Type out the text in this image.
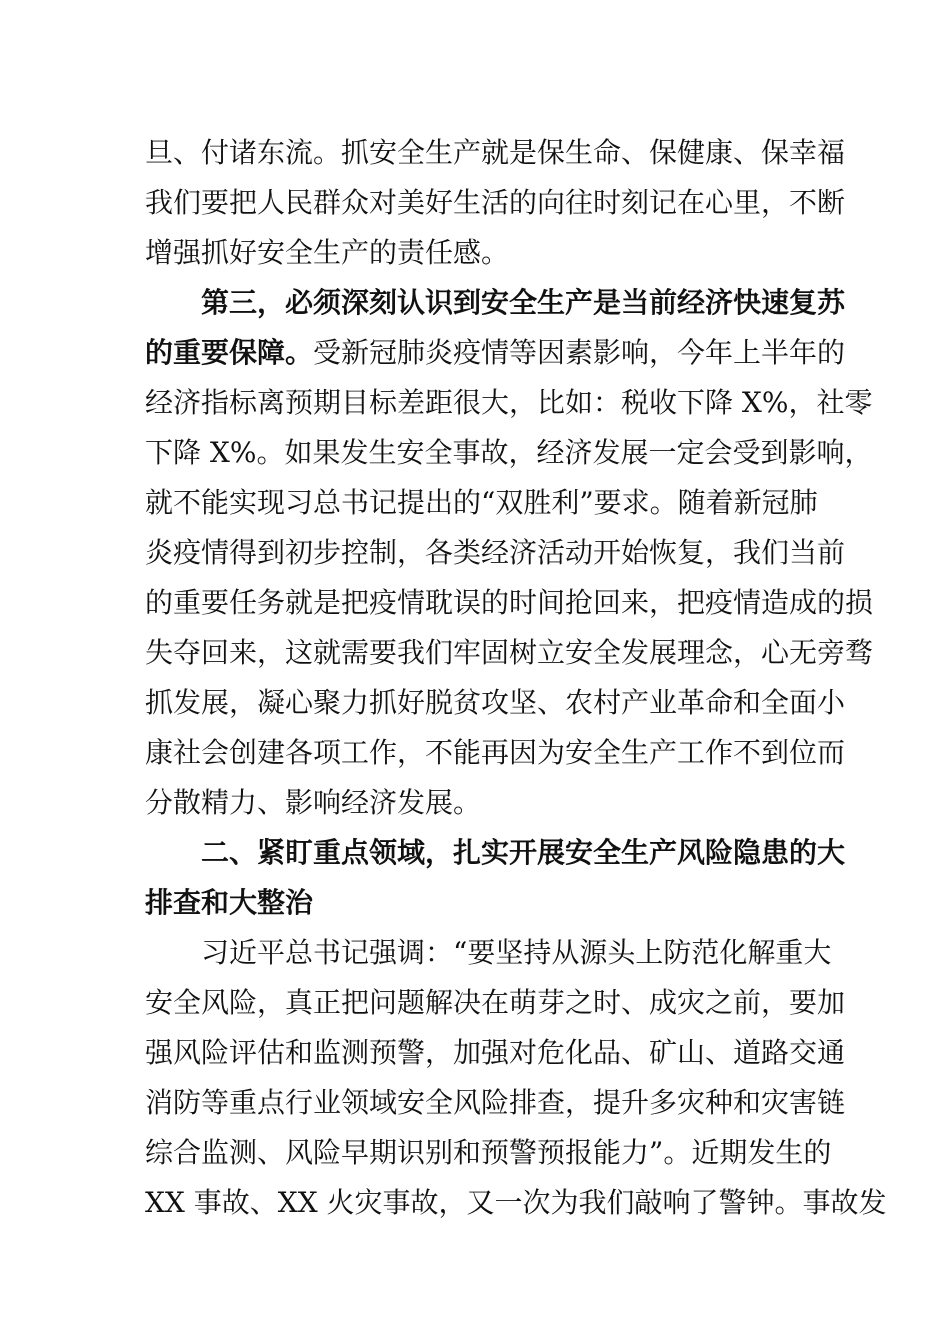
旦、付诸东流。抓安全生产就是保生命、保健康、保幸福
我们要把人民群众对美好生活的向往时刻记在心里，不断
增强抓好安全生产的责任感。
第三，必须深刻认识到安全生产是当前经济快速复苏
的重要保障。受新冠肺炎疫情等因素影响，今年上半年的
经济指标离预期目标差距很大，比如：税收下降 X%，社零
下降 X%。如果发生安全事故，经济发展一定会受到影响，
就不能实现习总书记提出的“双胜利”要求。随着新冠肺
炎疫情得到初步控制，各类经济活动开始恢复，我们当前
的重要任务就是把疫情耽误的时间抢回来，把疫情造成的损
失夺回来，这就需要我们牢固树立安全发展理念，心无旁骛
抓发展，凝心聚力抓好脱贫攻坚、农村产业革命和全面小
康社会创建各项工作，不能再因为安全生产工作不到位而
分散精力、影响经济发展。
二、紧盯重点领域，扎实开展安全生产风险隐患的大
排查和大整治
习近平总书记强调：“要坚持从源头上防范化解重大
安全风险，真正把问题解决在萌芽之时、成灾之前，要加
强风险评估和监测预警，加强对危化品、矿山、道路交通
消防等重点行业领域安全风险排查，提升多灾种和灾害链
综合监测、风险早期识别和预警预报能力”。近期发生的
XX 事故、XX 火灾事故，又一次为我们敲响了警钟。事故发
